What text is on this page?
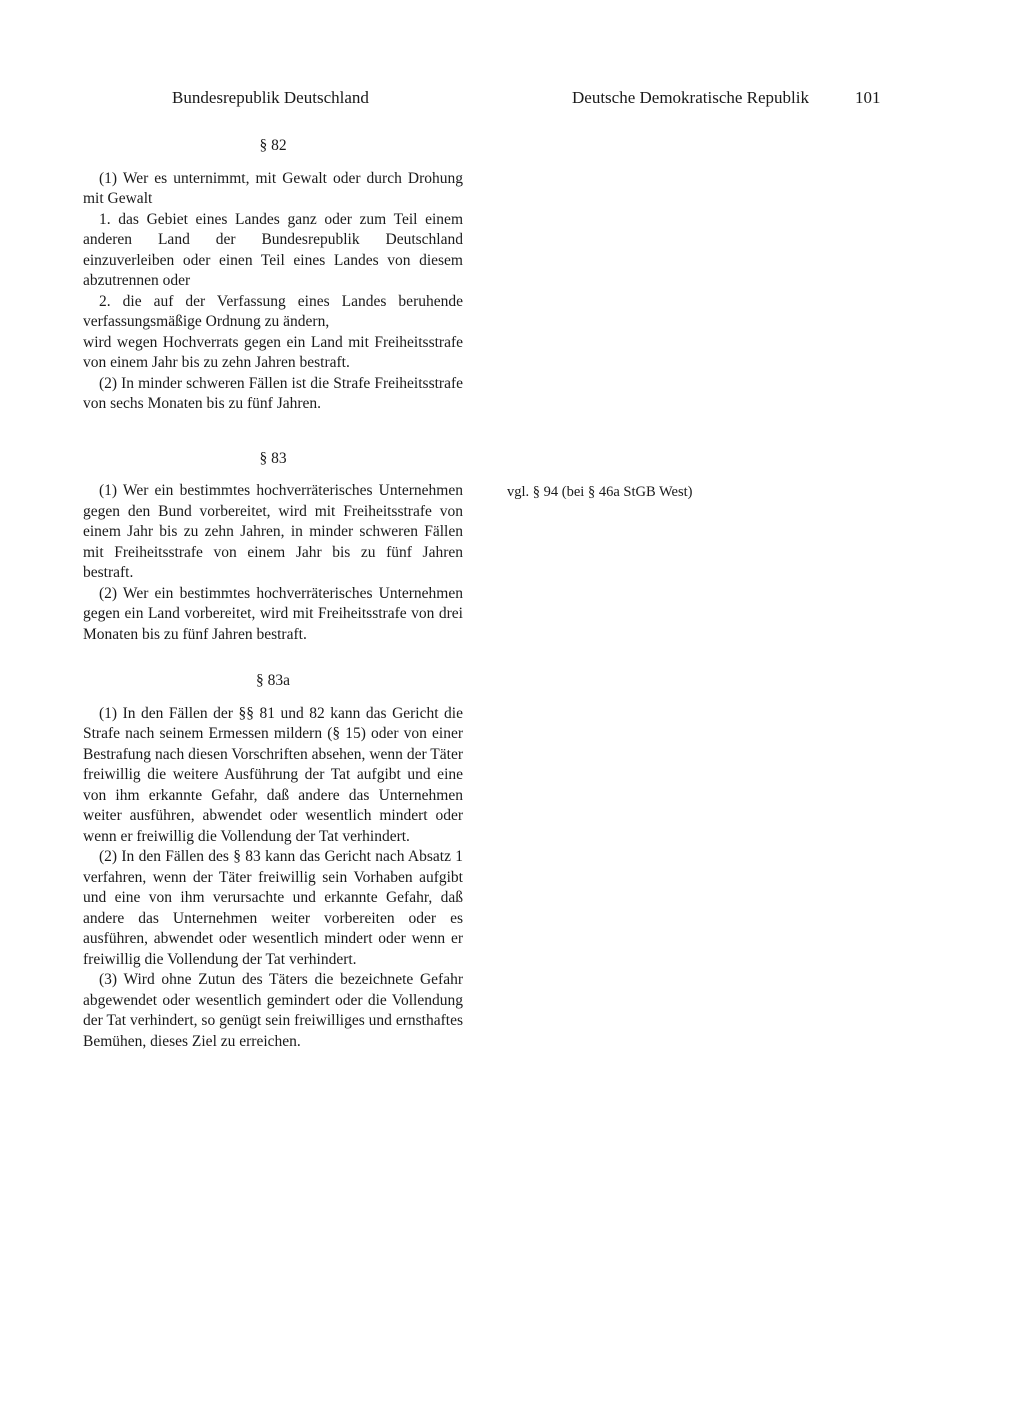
Bundesrepublik Deutschland	Deutsche Demokratische Republik	101

§ 82

(1) Wer es unternimmt, mit Gewalt oder durch Drohung mit Gewalt

1. das Gebiet eines Landes ganz oder zum Teil einem anderen Land der Bundesrepublik Deutschland einzuverleiben oder einen Teil eines Landes von diesem abzutrennen oder

2. die auf der Verfassung eines Landes beruhende verfassungsmäßige Ordnung zu ändern,

wird wegen Hochverrats gegen ein Land mit Freiheitsstrafe von einem Jahr bis zu zehn Jahren bestraft.

(2) In minder schweren Fällen ist die Strafe Freiheitsstrafe von sechs Monaten bis zu fünf Jahren.

§ 83

(1) Wer ein bestimmtes hochverräterisches Unternehmen gegen den Bund vorbereitet, wird mit Freiheitsstrafe von einem Jahr bis zu zehn Jahren, in minder schweren Fällen mit Freiheitsstrafe von einem Jahr bis zu fünf Jahren bestraft.

(2) Wer ein bestimmtes hochverräterisches Unternehmen gegen ein Land vorbereitet, wird mit Freiheitsstrafe von drei Monaten bis zu fünf Jahren bestraft.

§ 83a

(1) In den Fällen der §§ 81 und 82 kann das Gericht die Strafe nach seinem Ermessen mildern (§ 15) oder von einer Bestrafung nach diesen Vorschriften absehen, wenn der Täter freiwillig die weitere Ausführung der Tat aufgibt und eine von ihm erkannte Gefahr, daß andere das Unternehmen weiter ausführen, abwendet oder wesentlich mindert oder wenn er freiwillig die Vollendung der Tat verhindert.

(2) In den Fällen des § 83 kann das Gericht nach Absatz 1 verfahren, wenn der Täter freiwillig sein Vorhaben aufgibt und eine von ihm verursachte und erkannte Gefahr, daß andere das Unternehmen weiter vorbereiten oder es ausführen, abwendet oder wesentlich mindert oder wenn er freiwillig die Vollendung der Tat verhindert.

(3) Wird ohne Zutun des Täters die bezeichnete Gefahr abgewendet oder wesentlich gemindert oder die Vollendung der Tat verhindert, so genügt sein freiwilliges und ernsthaftes Bemühen, dieses Ziel zu erreichen.

vgl. § 94 (bei § 46a StGB West)
